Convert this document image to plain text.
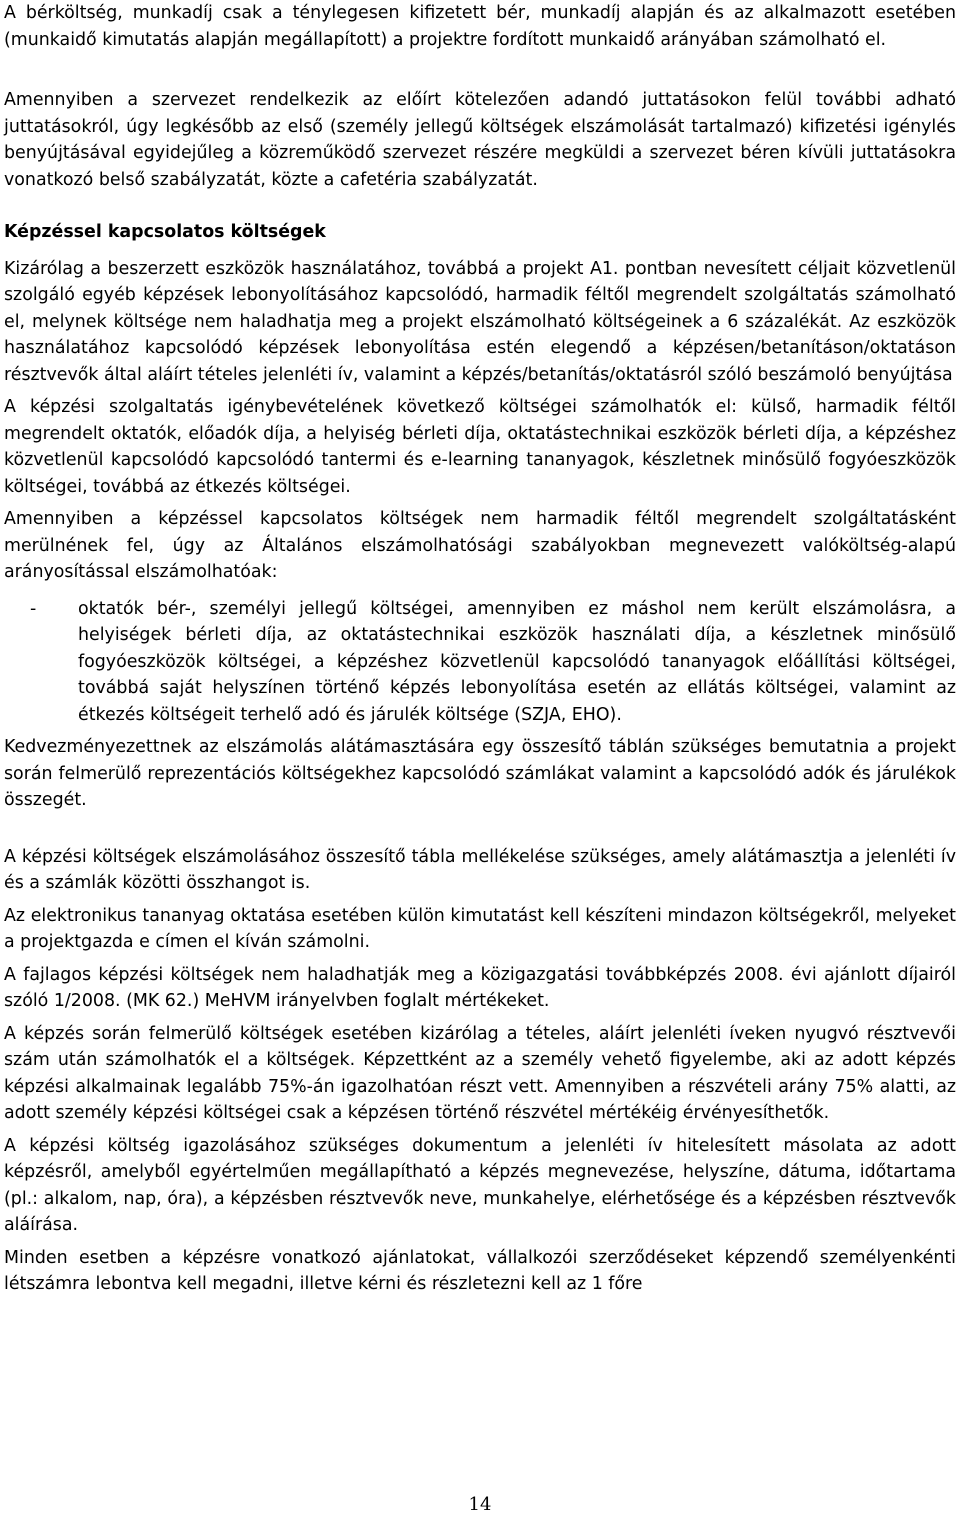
A bérköltség, munkadíj csak a ténylegesen kifizetett bér, munkadíj alapján és az alkalmazott esetében (munkaidő kimutatás alapján megállapított) a projektre fordított munkaidő arányában számolható el.

Amennyiben a szervezet rendelkezik az előírt kötelezően adandó juttatásokon felül további adható juttatásokról, úgy legkésőbb az első (személy jellegű költségek elszámolását tartalmazó) kifizetési igénylés benyújtásával egyidejűleg a közreműködő szervezet részére megküldi a szervezet béren kívüli juttatásokra vonatkozó belső szabályzatát, közte a cafetéria szabályzatát.

Képzéssel kapcsolatos költségek

Kizárólag a beszerzett eszközök használatához, továbbá a projekt A1. pontban nevesített céljait közvetlenül szolgáló egyéb képzések lebonyolításához kapcsolódó, harmadik féltől megrendelt szolgáltatás számolható el, melynek költsége nem haladhatja meg a projekt elszámolható költségeinek a 6 százalékát. Az eszközök használatához kapcsolódó képzések lebonyolítása estén elegendő a képzésen/betanításon/oktatáson résztvevők által aláírt tételes jelenléti ív, valamint a képzés/betanítás/oktatásról szóló beszámoló benyújtása

A képzési szolgaltatás igénybevételének következő költségei számolhatók el: külső, harmadik féltől megrendelt oktatók, előadók díja, a helyiség bérleti díja, oktatástechnikai eszközök bérleti díja, a képzéshez közvetlenül kapcsolódó kapcsolódó tantermi és e-learning tananyagok, készletnek minősülő fogyóeszközök költségei, továbbá az étkezés költségei.

Amennyiben a képzéssel kapcsolatos költségek nem harmadik féltől megrendelt szolgáltatásként merülnének fel, úgy az Általános elszámolhatósági szabályokban megnevezett valóköltség-alapú arányosítással elszámolhatóak:

- oktatók bér-, személyi jellegű költségei, amennyiben ez máshol nem került elszámolásra, a helyiségek bérleti díja, az oktatástechnikai eszközök használati díja, a készletnek minősülő fogyóeszközök költségei, a képzéshez közvetlenül kapcsolódó tananyagok előállítási költségei, továbbá saját helyszínen történő képzés lebonyolítása esetén az ellátás költségei, valamint az étkezés költségeit terhelő adó és járulék költsége (SZJA, EHO).

Kedvezményezettnek az elszámolás alátámasztására egy összesítő táblán szükséges bemutatnia a projekt során felmerülő reprezentációs költségekhez kapcsolódó számlákat valamint a kapcsolódó adók és járulékok összegét.

A képzési költségek elszámolásához összesítő tábla mellékelése szükséges, amely alátámasztja a jelenléti ív és a számlák közötti összhangot is.

Az elektronikus tananyag oktatása esetében külön kimutatást kell készíteni mindazon költségekről, melyeket a projektgazda e címen el kíván számolni.

A fajlagos képzési költségek nem haladhatják meg a közigazgatási továbbképzés 2008. évi ajánlott díjairól szóló 1/2008. (MK 62.) MeHVM irányelvben foglalt mértékeket.

A képzés során felmerülő költségek esetében kizárólag a tételes, aláírt jelenléti íveken nyugvó résztvevői szám után számolhatók el a költségek. Képzettként az a személy vehető figyelembe, aki az adott képzés képzési alkalmainak legalább 75%-án igazolhatóan részt vett. Amennyiben a részvételi arány 75% alatti, az adott személy képzési költségei csak a képzésen történő részvétel mértékéig érvényesíthetők.

A képzési költség igazolásához szükséges dokumentum a jelenléti ív hitelesített másolata az adott képzésről, amelyből egyértelműen megállapítható a képzés megnevezése, helyszíne, dátuma, időtartama (pl.: alkalom, nap, óra), a képzésben résztvevők neve, munkahelye, elérhetősége és a képzésben résztvevők aláírása.

Minden esetben a képzésre vonatkozó ajánlatokat, vállalkozói szerződéseket képzendő személyenkénti létszámra lebontva kell megadni, illetve kérni és részletezni kell az 1 főre

14
